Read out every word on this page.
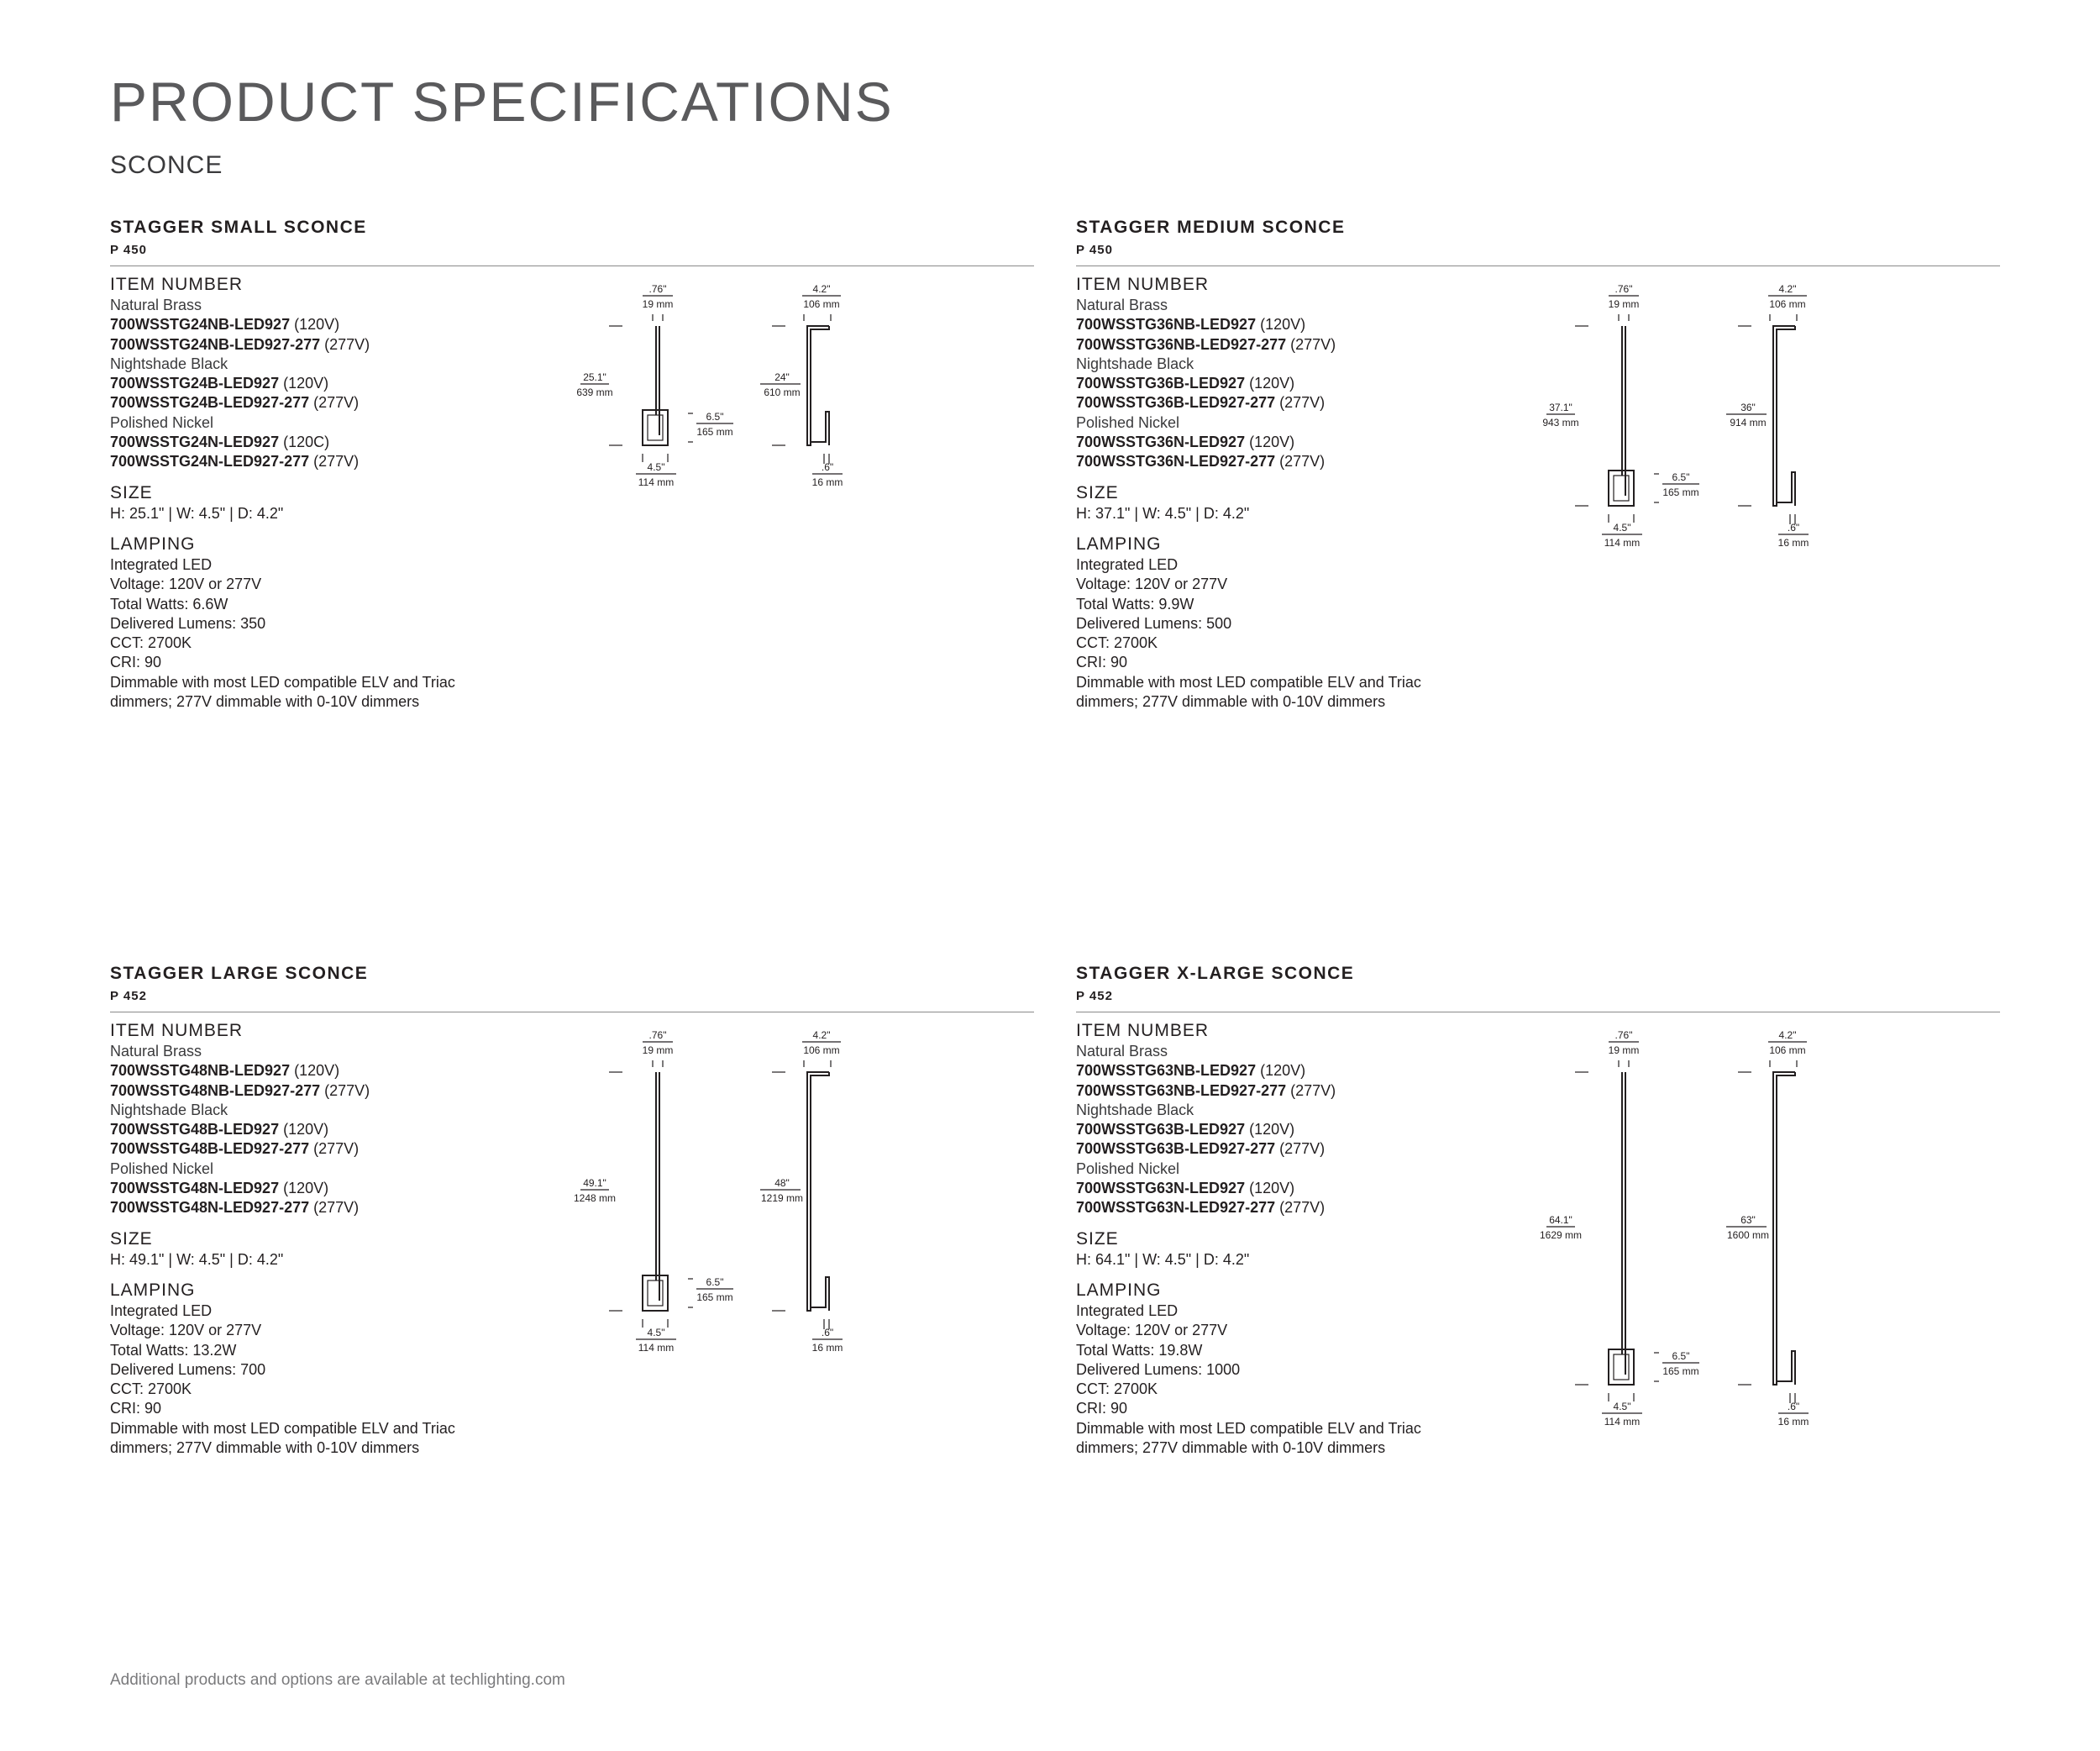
PRODUCT SPECIFICATIONS
SCONCE
STAGGER SMALL SCONCE
P 450
ITEM NUMBER
Natural Brass
700WSSTG24NB-LED927 (120V)
700WSSTG24NB-LED927-277 (277V)
Nightshade Black
700WSSTG24B-LED927 (120V)
700WSSTG24B-LED927-277 (277V)
Polished Nickel
700WSSTG24N-LED927 (120C)
700WSSTG24N-LED927-277 (277V)
SIZE
H: 25.1" | W: 4.5" | D: 4.2"
LAMPING
Integrated LED
Voltage: 120V or 277V
Total Watts: 6.6W
Delivered Lumens: 350
CCT: 2700K
CRI: 90
Dimmable with most LED compatible ELV and Triac
dimmers; 277V dimmable with 0-10V dimmers
.76"
19 mm
25.1"
639 mm
6.5"
165 mm
4.5"
114 mm
4.2"
106 mm
24"
610 mm
.6"
16 mm
STAGGER MEDIUM SCONCE
P 450
ITEM NUMBER
Natural Brass
700WSSTG36NB-LED927 (120V)
700WSSTG36NB-LED927-277 (277V)
Nightshade Black
700WSSTG36B-LED927 (120V)
700WSSTG36B-LED927-277 (277V)
Polished Nickel
700WSSTG36N-LED927 (120V)
700WSSTG36N-LED927-277 (277V)
SIZE
H: 37.1" | W: 4.5" | D: 4.2"
LAMPING
Integrated LED
Voltage: 120V or 277V
Total Watts: 9.9W
Delivered Lumens: 500
CCT: 2700K
CRI: 90
Dimmable with most LED compatible ELV and Triac
dimmers; 277V dimmable with 0-10V dimmers
.76"
19 mm
37.1"
943 mm
6.5"
165 mm
4.5"
114 mm
4.2"
106 mm
36"
914 mm
.6"
16 mm
STAGGER LARGE SCONCE
P 452
ITEM NUMBER
Natural Brass
700WSSTG48NB-LED927 (120V)
700WSSTG48NB-LED927-277 (277V)
Nightshade Black
700WSSTG48B-LED927 (120V)
700WSSTG48B-LED927-277 (277V)
Polished Nickel
700WSSTG48N-LED927 (120V)
700WSSTG48N-LED927-277 (277V)
SIZE
H: 49.1" | W: 4.5" | D: 4.2"
LAMPING
Integrated LED
Voltage: 120V or 277V
Total Watts: 13.2W
Delivered Lumens: 700
CCT: 2700K
CRI: 90
Dimmable with most LED compatible ELV and Triac
dimmers; 277V dimmable with 0-10V dimmers
.76"
19 mm
49.1"
1248 mm
6.5"
165 mm
4.5"
114 mm
4.2"
106 mm
48"
1219 mm
.6"
16 mm
STAGGER X-LARGE SCONCE
P 452
ITEM NUMBER
Natural Brass
700WSSTG63NB-LED927 (120V)
700WSSTG63NB-LED927-277 (277V)
Nightshade Black
700WSSTG63B-LED927 (120V)
700WSSTG63B-LED927-277 (277V)
Polished Nickel
700WSSTG63N-LED927 (120V)
700WSSTG63N-LED927-277 (277V)
SIZE
H: 64.1" | W: 4.5" | D: 4.2"
LAMPING
Integrated LED
Voltage: 120V or 277V
Total Watts: 19.8W
Delivered Lumens: 1000
CCT: 2700K
CRI: 90
Dimmable with most LED compatible ELV and Triac
dimmers; 277V dimmable with 0-10V dimmers
.76"
19 mm
64.1"
1629 mm
6.5"
165 mm
4.5"
114 mm
4.2"
106 mm
63"
1600 mm
.6"
16 mm
Additional products and options are available at techlighting.com
